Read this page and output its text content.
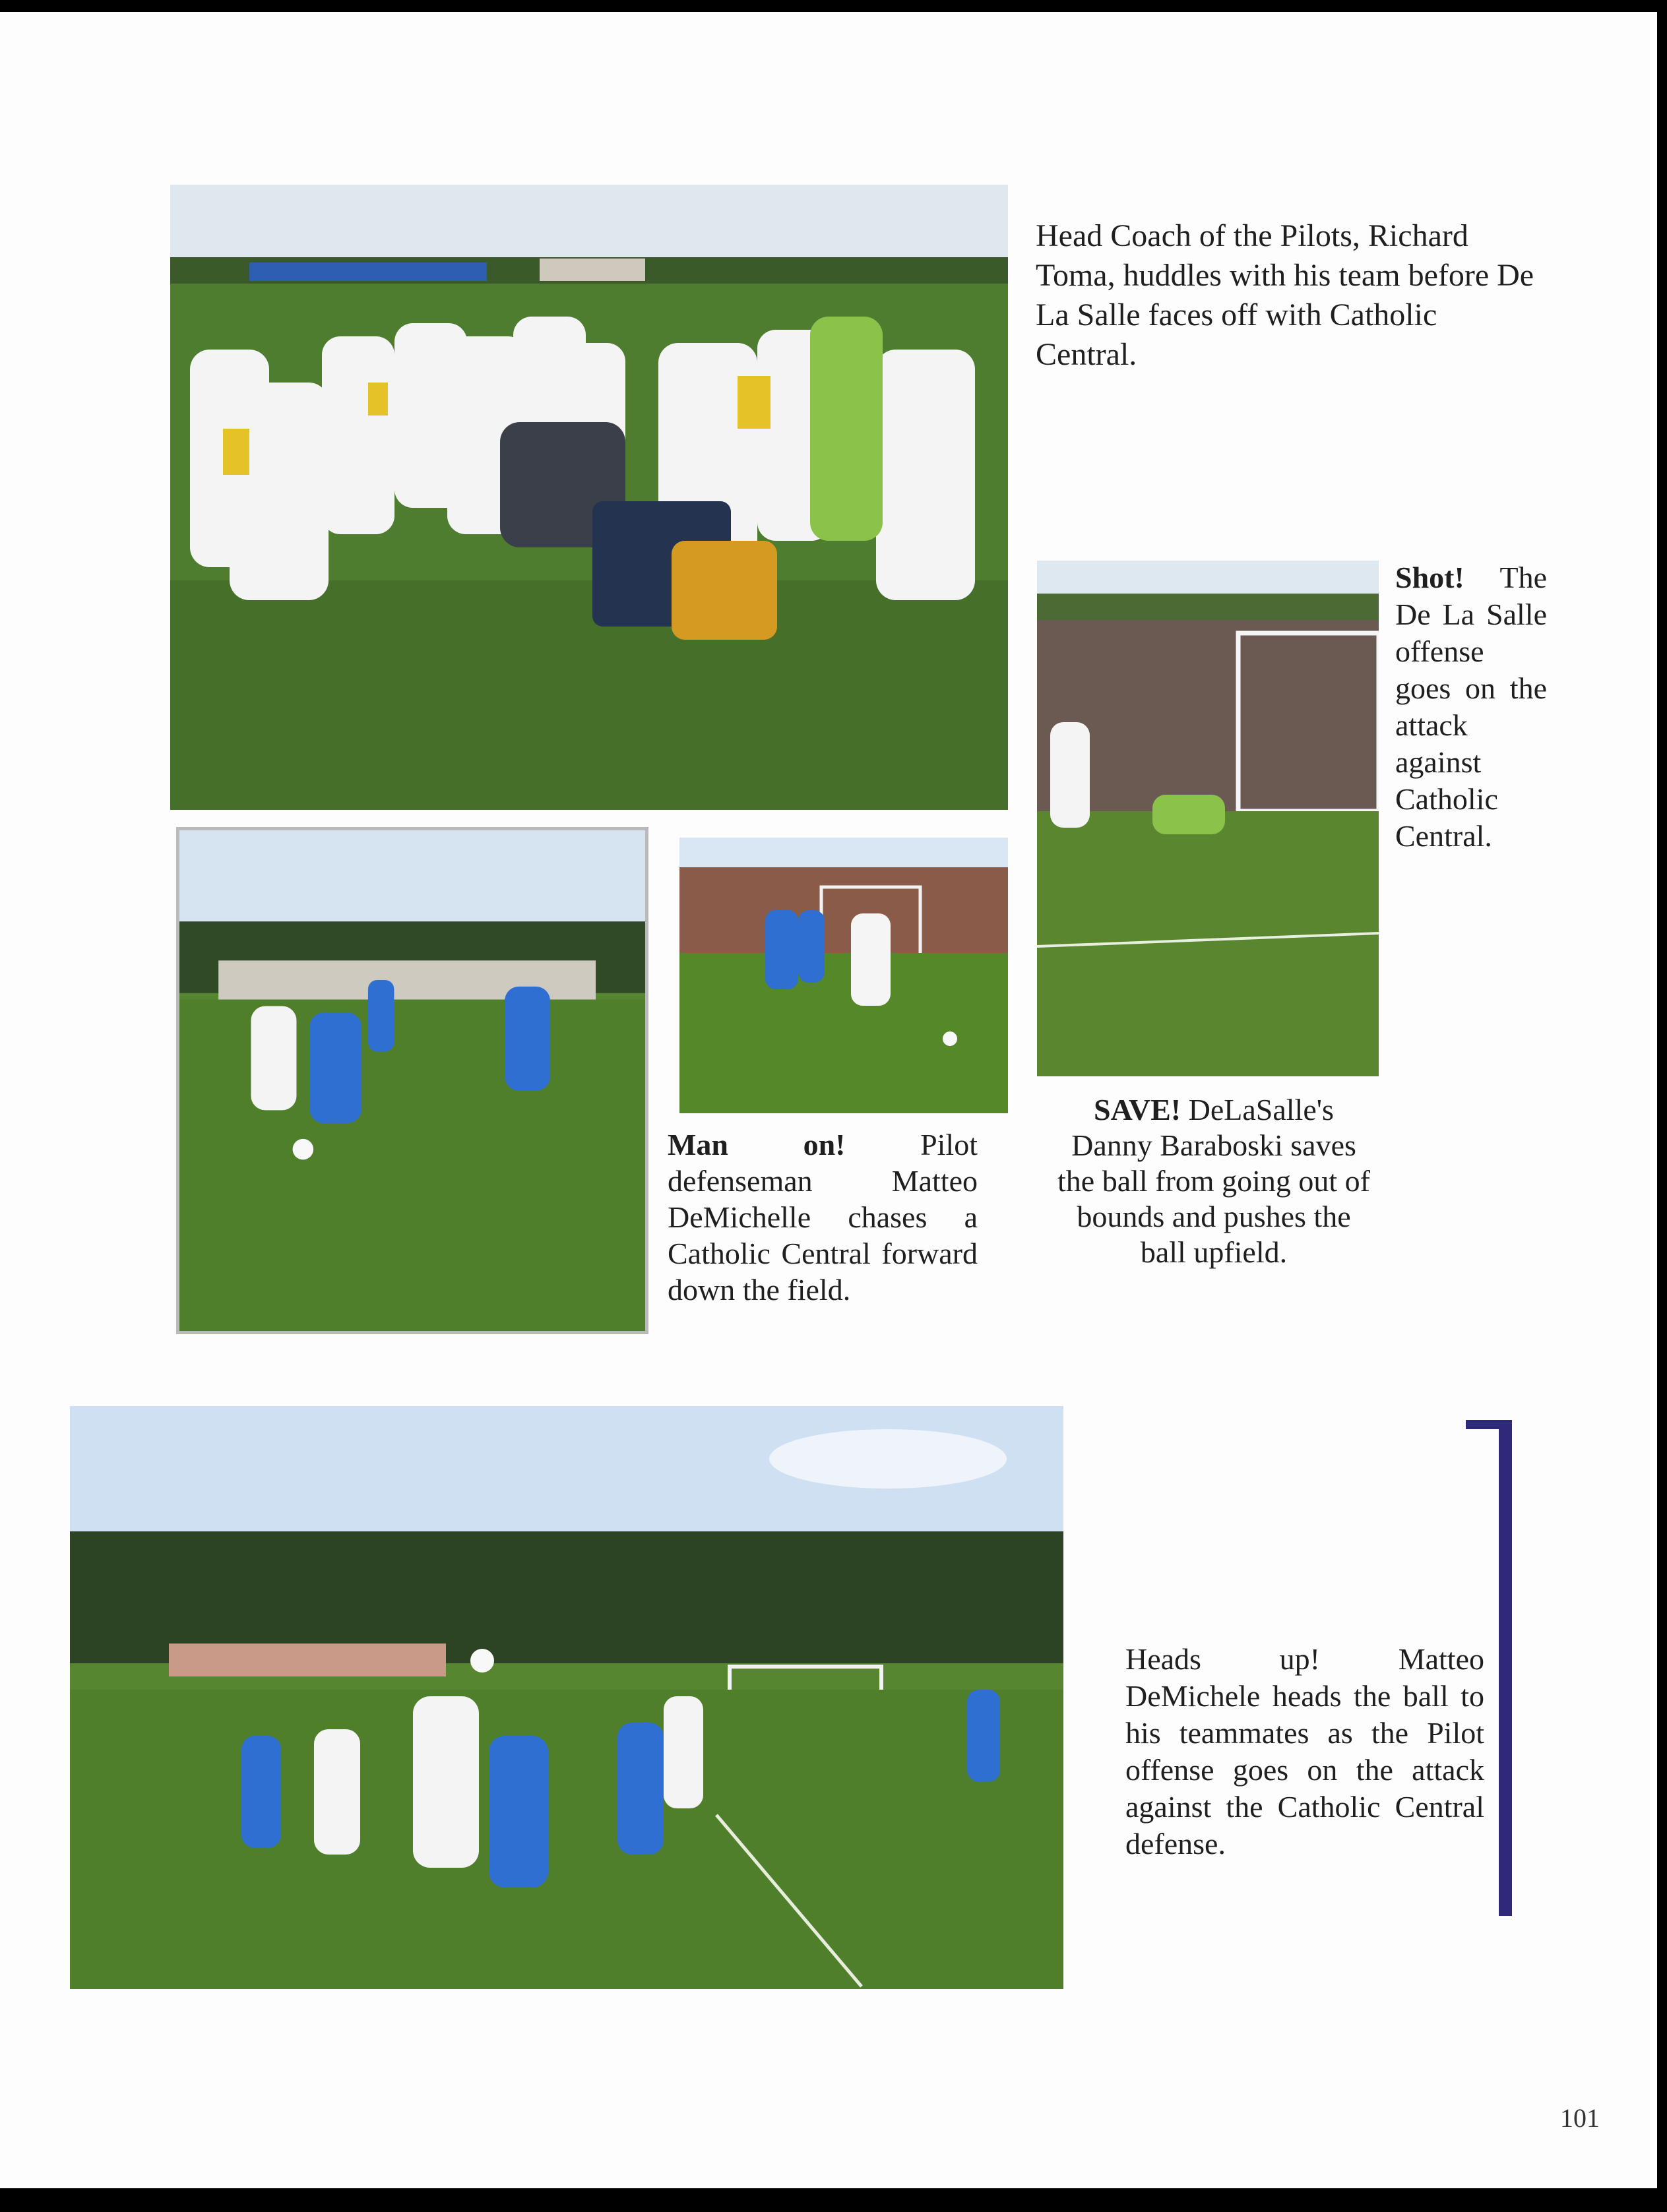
Head Coach of the Pilots, Richard Toma, huddles with his team before De La Salle faces off with Catholic Central.

Shot! The De La Salle offense goes on the attack against Catholic Central.

Man on! Pilot defenseman Matteo DeMichelle chases a Catholic Central forward down the field.

SAVE! DeLaSalle's Danny Baraboski saves the ball from going out of bounds and pushes the ball upfield.

Heads up! Matteo DeMichele heads the ball to his teammates as the Pilot offense goes on the attack against the Catholic Central defense.

101
